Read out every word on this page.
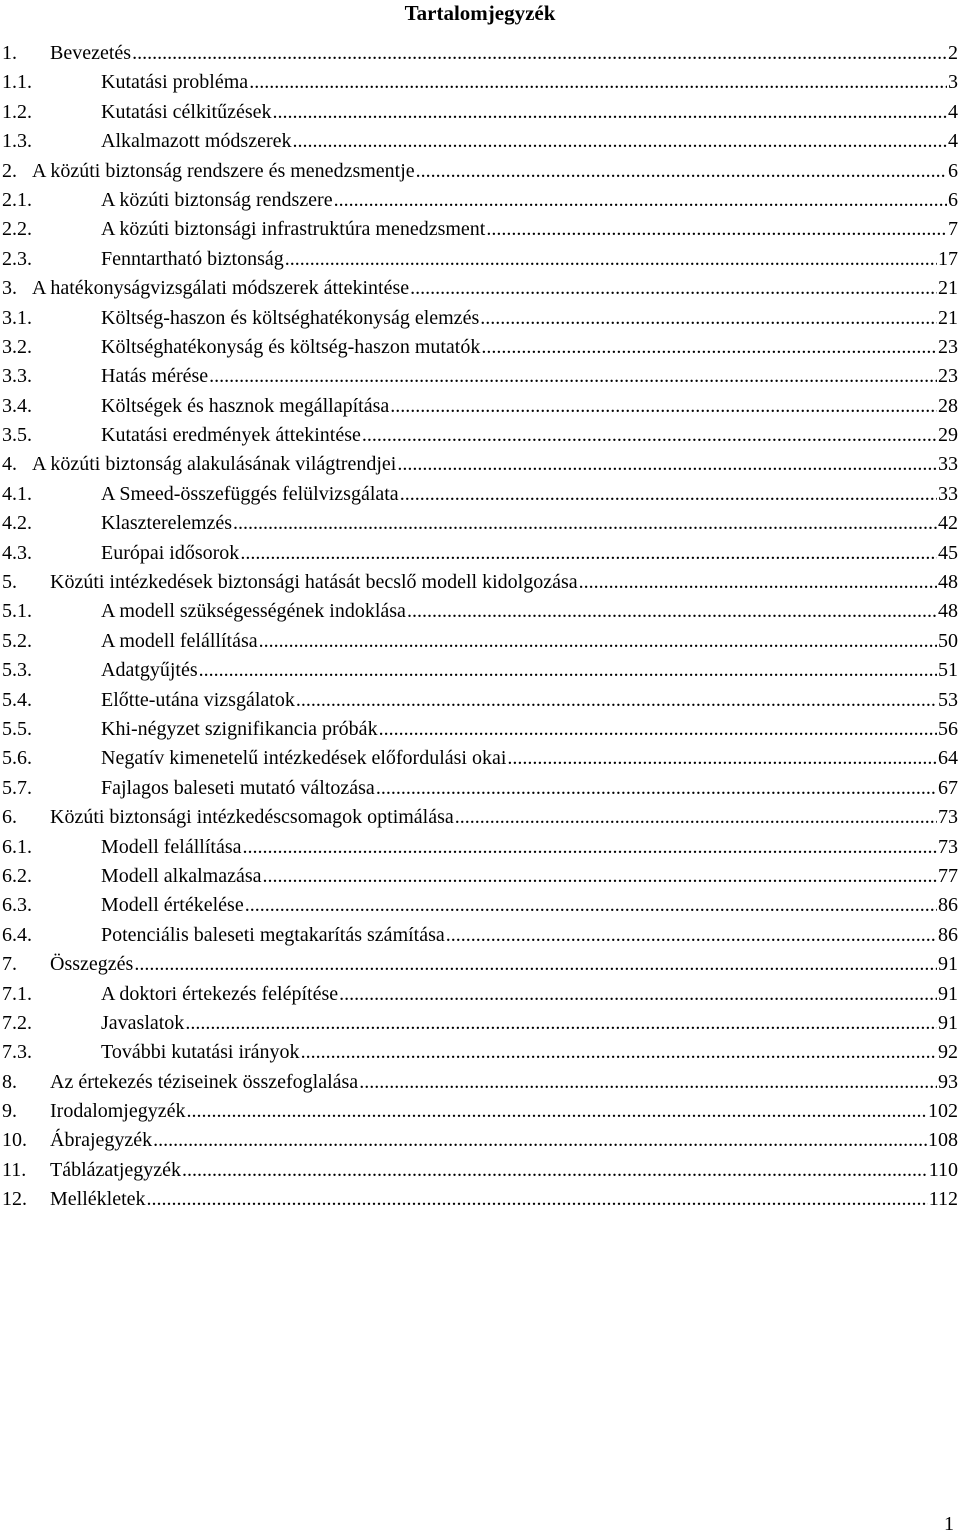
Tartalomjegyzék
1. Bevezetés .....	2
1.1.	Kutatási probléma .....	3
1.2.	Kutatási célkitűzések .....	4
1.3.	Alkalmazott módszerek .....	4
2. A közúti biztonság rendszere és menedzsmentje .....	6
2.1.	A közúti biztonság rendszere .....	6
2.2.	A közúti biztonsági infrastruktúra menedzsment .....	7
2.3.	Fenntartható biztonság .....	17
3. A hatékonyságvizsgálati módszerek áttekintése .....	21
3.1.	Költség-haszon és költséghatékonyság elemzés .....	21
3.2.	Költséghatékonyság és költség-haszon mutatók .....	23
3.3.	Hatás mérése .....	23
3.4.	Költségek és hasznok megállapítása .....	28
3.5.	Kutatási eredmények áttekintése .....	29
4. A közúti biztonság alakulásának világtrendjei .....	33
4.1.	A Smeed-összefüggés felülvizsgálata .....	33
4.2.	Klaszterelemzés .....	42
4.3.	Európai idősorok .....	45
5. Közúti intézkedések biztonsági hatását becslő modell kidolgozása .....	48
5.1.	A modell szükségességének indoklása .....	48
5.2.	A modell felállítása .....	50
5.3.	Adatgyűjtés .....	51
5.4.	Előtte-utána vizsgálatok .....	53
5.5.	Khi-négyzet szignifikancia próbák .....	56
5.6.	Negatív kimenetelű intézkedések előfordulási okai .....	64
5.7.	Fajlagos baleseti mutató változása .....	67
6. Közúti biztonsági intézkedéscsomagok optimálása .....	73
6.1.	Modell felállítása .....	73
6.2.	Modell alkalmazása .....	77
6.3.	Modell értékelése .....	86
6.4.	Potenciális baleseti megtakarítás számítása .....	86
7. Összegzés .....	91
7.1.	A doktori értekezés felépítése .....	91
7.2.	Javaslatok .....	91
7.3.	További kutatási irányok .....	92
8. Az értekezés téziseinek összefoglalása .....	93
9. Irodalomjegyzék .....	102
10. Ábrajegyzék .....	108
11. Táblázatjegyzék .....	110
12. Mellékletek .....	112
1
